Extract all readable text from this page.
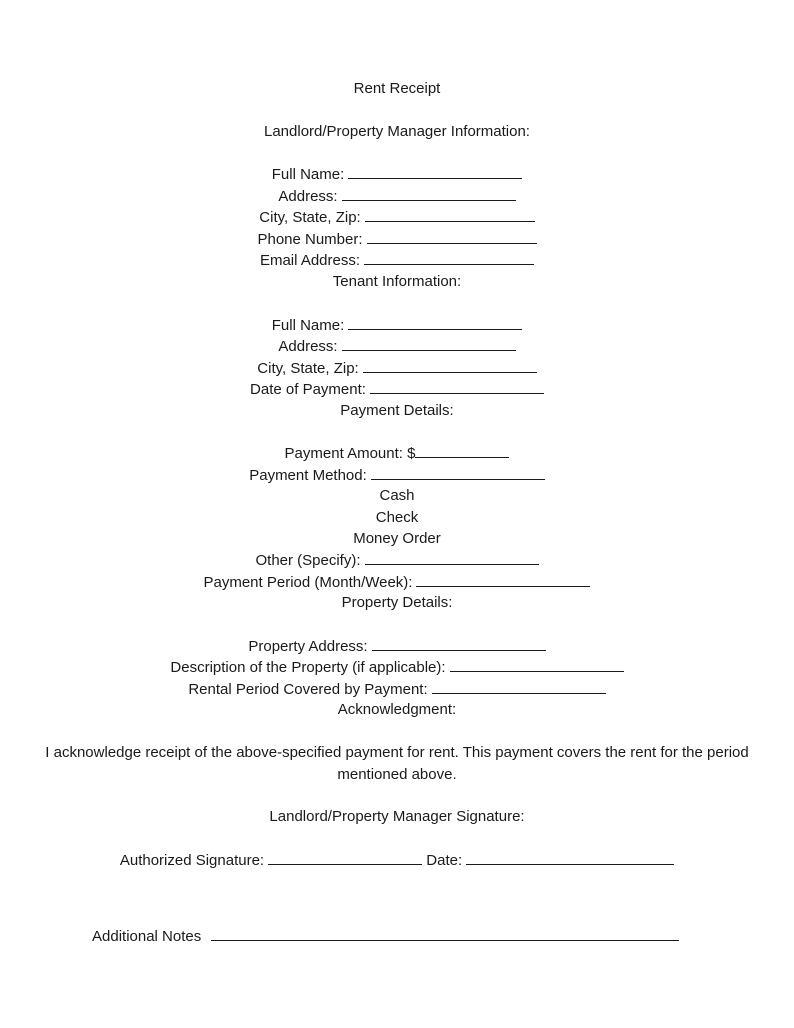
Rent Receipt
Landlord/Property Manager Information:
Full Name:
Address:
City, State, Zip:
Phone Number:
Email Address:
Tenant Information:
Full Name:
Address:
City, State, Zip:
Date of Payment:
Payment Details:
Payment Amount: $
Payment Method:
Cash
Check
Money Order
Other (Specify):
Payment Period (Month/Week):
Property Details:
Property Address:
Description of the Property (if applicable):
Rental Period Covered by Payment:
Acknowledgment:
I acknowledge receipt of the above-specified payment for rent. This payment covers the rent for the period mentioned above.
Landlord/Property Manager Signature:
Authorized Signature:	Date:
Additional Notes
